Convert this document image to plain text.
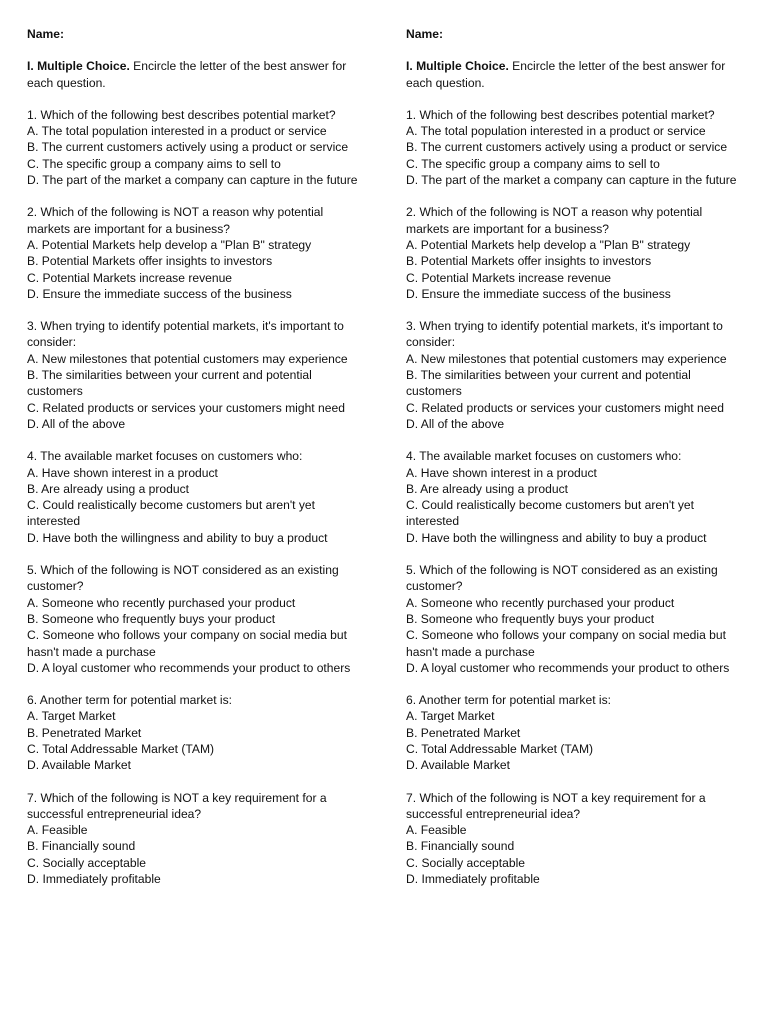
Name:

I. Multiple Choice. Encircle the letter of the best answer for each question.

1. Which of the following best describes potential market?

A. The total population interested in a product or service
B. The current customers actively using a product or service
C. The specific group a company aims to sell to
D. The part of the market a company can capture in the future

2. Which of the following is NOT a reason why potential markets are important for a business?

A. Potential Markets help develop a "Plan B" strategy
B. Potential Markets offer insights to investors
C. Potential Markets increase revenue
D. Ensure the immediate success of the business

3. When trying to identify potential markets, it's important to consider:

A. New milestones that potential customers may experience
B. The similarities between your current and potential customers
C. Related products or services your customers might need
D. All of the above

4. The available market focuses on customers who:

A. Have shown interest in a product
B. Are already using a product
C. Could realistically become customers but aren't yet interested
D. Have both the willingness and ability to buy a product

5. Which of the following is NOT considered as an existing customer?

A. Someone who recently purchased your product
B. Someone who frequently buys your product
C. Someone who follows your company on social media but hasn't made a purchase
D. A loyal customer who recommends your product to others

6. Another term for potential market is:

A. Target Market
B. Penetrated Market
C. Total Addressable Market (TAM)
D. Available Market

7. Which of the following is NOT a key requirement for a successful entrepreneurial idea?

A. Feasible
B. Financially sound
C. Socially acceptable
D. Immediately profitable

Name:

I. Multiple Choice. Encircle the letter of the best answer for each question.

1. Which of the following best describes potential market?

A. The total population interested in a product or service
B. The current customers actively using a product or service
C. The specific group a company aims to sell to
D. The part of the market a company can capture in the future

2. Which of the following is NOT a reason why potential markets are important for a business?

A. Potential Markets help develop a "Plan B" strategy
B. Potential Markets offer insights to investors
C. Potential Markets increase revenue
D. Ensure the immediate success of the business

3. When trying to identify potential markets, it's important to consider:

A. New milestones that potential customers may experience
B. The similarities between your current and potential customers
C. Related products or services your customers might need
D. All of the above

4. The available market focuses on customers who:

A. Have shown interest in a product
B. Are already using a product
C. Could realistically become customers but aren't yet interested
D. Have both the willingness and ability to buy a product

5. Which of the following is NOT considered as an existing customer?

A. Someone who recently purchased your product
B. Someone who frequently buys your product
C. Someone who follows your company on social media but hasn't made a purchase
D. A loyal customer who recommends your product to others

6. Another term for potential market is:

A. Target Market
B. Penetrated Market
C. Total Addressable Market (TAM)
D. Available Market

7. Which of the following is NOT a key requirement for a successful entrepreneurial idea?

A. Feasible
B. Financially sound
C. Socially acceptable
D. Immediately profitable
